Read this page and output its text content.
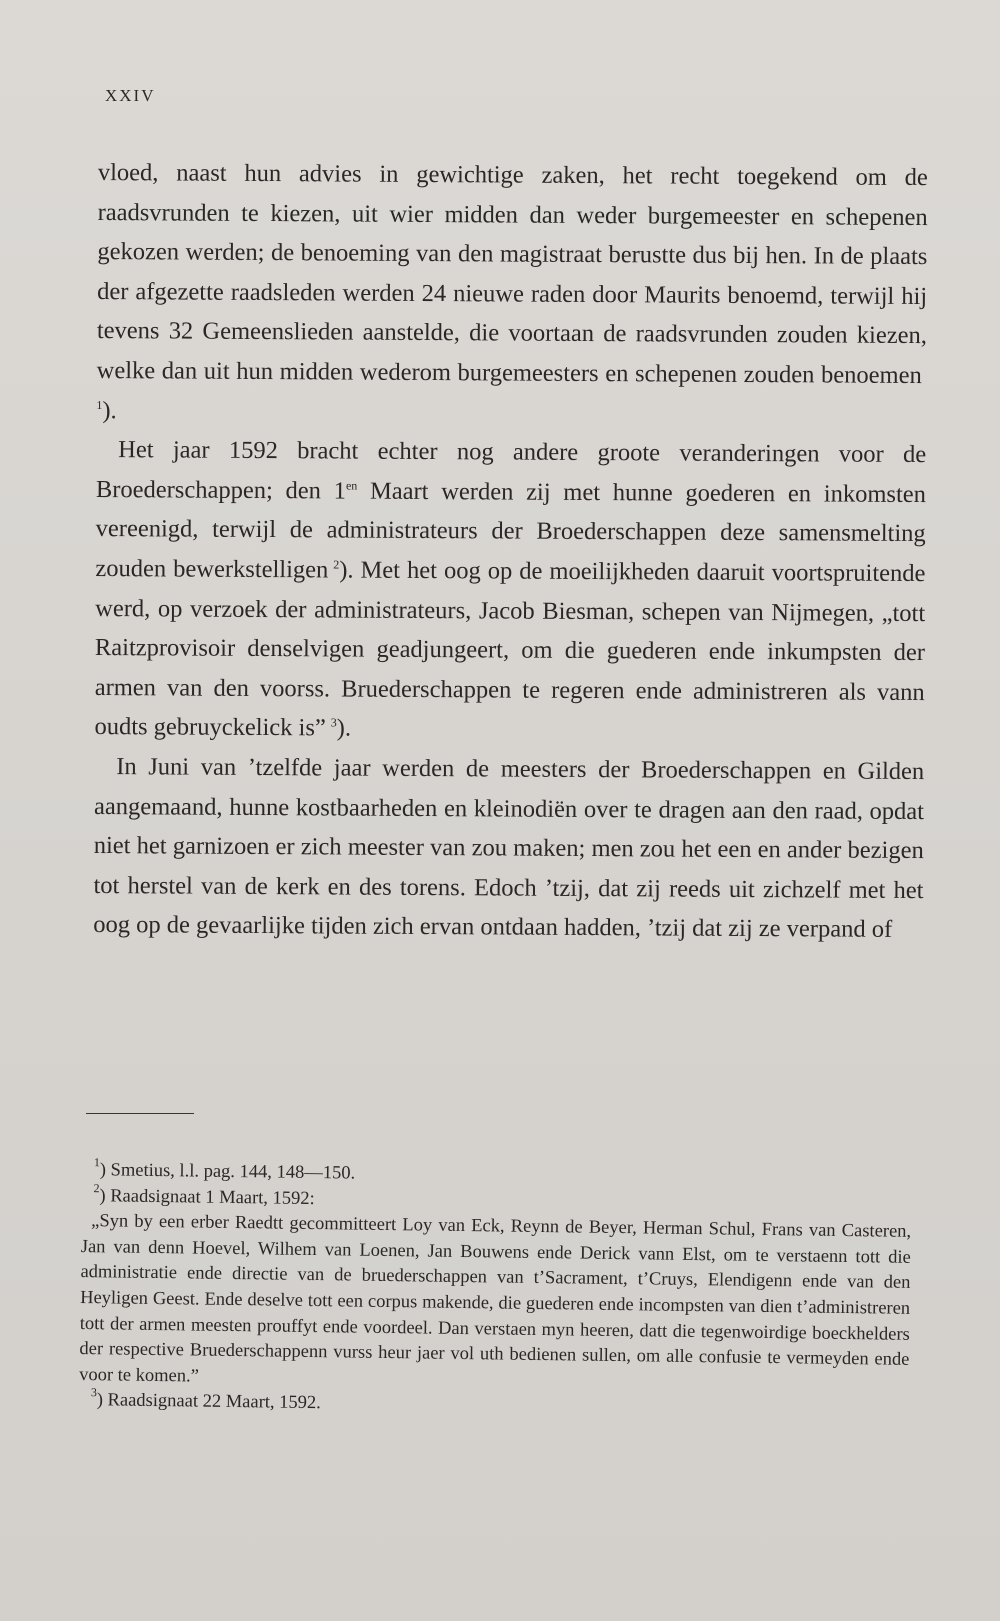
XXIV

vloed, naast hun advies in gewichtige zaken, het recht toegekend om de raadsvrunden te kiezen, uit wier midden dan weder burgemeester en schepenen gekozen werden; de benoeming van den magistraat berustte dus bij hen. In de plaats der afgezette raadsleden werden 24 nieuwe raden door Maurits benoemd, terwijl hij tevens 32 Gemeenslieden aanstelde, die voortaan de raadsvrunden zouden kiezen, welke dan uit hun midden wederom burgemeesters en schepenen zouden benoemen $^1$).

Het jaar 1592 bracht echter nog andere groote veranderingen voor de Broederschappen; den $1^{en}$ Maart werden zij met hunne goederen en inkomsten vereenigd, terwijl de administrateurs der Broederschappen deze samensmelting zouden bewerkstelligen  $^2$). Met het oog op de moeilijkheden daaruit voortspruitende werd, op verzoek der administrateurs, Jacob Biesman, schepen van Nijmegen, „tott Raitzprovisoir denselvigen geadjungeert, om die guederen ende inkumpsten der armen van den voorss. Bruederschappen te regeren ende administreren als vann oudts gebruyckelick is”  $^3$).

In Juni van ’tzelfde jaar werden de meesters der Broederschappen en Gilden aangemaand, hunne kostbaarheden en kleinodiën over te dragen aan den raad, opdat niet het garnizoen er zich meester van zou maken; men zou het een en ander bezigen tot herstel van de kerk en des torens. Edoch ’tzij, dat zij reeds uit zichzelf met het oog op de gevaarlijke tijden zich ervan ontdaan hadden, ’tzij dat zij ze verpand of

$^1$) Smetius, l.l. pag. 144, 148—150.

$^2$) Raadsignaat 1 Maart, 1592:

„Syn by een erber Raedtt gecommitteert Loy van Eck, Reynn de Beyer, Herman Schul, Frans van Casteren, Jan van denn Hoevel, Wilhem van Loenen, Jan Bouwens ende Derick vann Elst, om te verstaenn tott die administratie ende directie van de bruederschappen van t’Sacrament, t’Cruys, Elendigenn ende van den Heyligen Geest. Ende deselve tott een corpus makende, die guederen ende incompsten van dien t’administreren tott der armen meesten prouffyt ende voordeel. Dan verstaen myn heeren, datt die tegenwoirdige boeckhelders der respective Bruederschappenn vurss heur jaer vol uth bedienen sullen, om alle confusie te vermeyden ende voor te komen.”

$^3$) Raadsignaat 22 Maart, 1592.
